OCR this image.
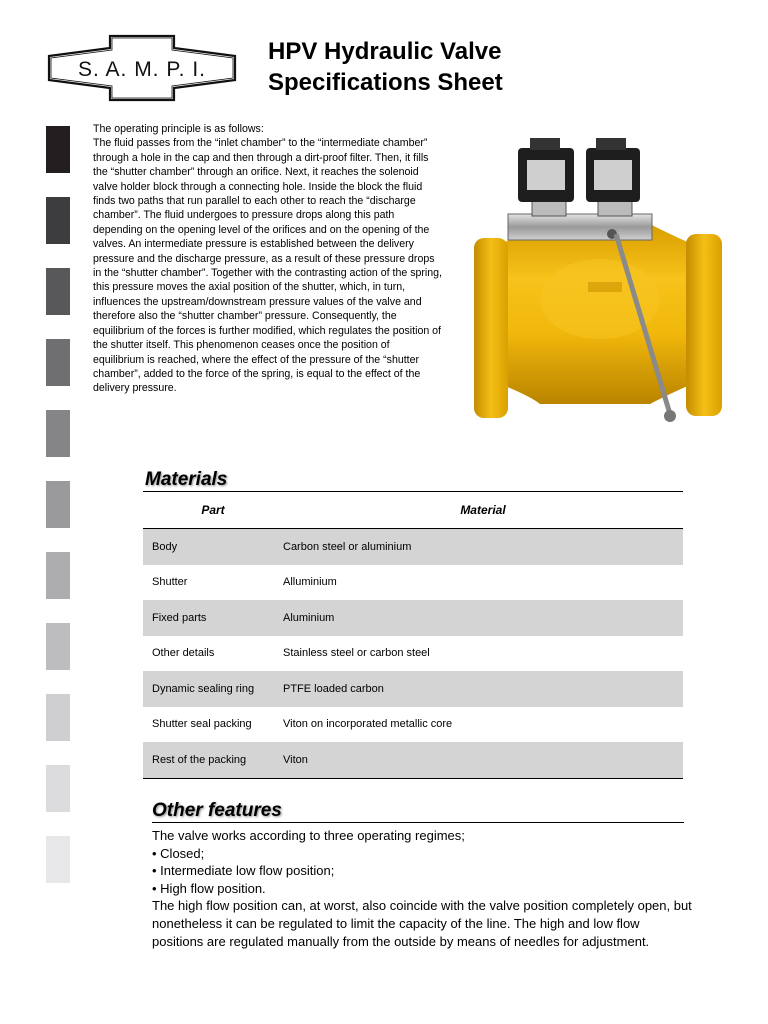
S. A. M. P. I.
HPV Hydraulic Valve
Specifications Sheet

The operating principle is as follows:

The fluid passes from the “inlet chamber” to the “intermediate chamber” through a hole in the cap and then through a dirt-proof filter. Then, it fills the “shutter chamber” through an orifice. Next, it reaches the solenoid valve holder block through a connecting hole. Inside the block the fluid finds two paths that run parallel to each other to reach the “discharge chamber”. The fluid undergoes to pressure drops along this path depending on the opening level of the orifices and on the opening of the valves. An intermediate pressure is established between the delivery pressure and the discharge pressure, as a result of these pressure drops in the “shutter chamber”. Together with the contrasting action of the spring, this pressure moves the axial position of the shutter, which, in turn, influences the upstream/downstream pressure values of the valve and therefore also the “shutter chamber” pressure. Consequently, the equilibrium of the forces is further modified, which regulates the position of the shutter itself. This phenomenon ceases once the position of equilibrium is reached, where the effect of the pressure of the “shutter chamber”, added to the force of the spring, is equal to the effect of the delivery pressure.

Materials
Part	Material
Body	Carbon steel or aluminium
Shutter	Alluminium
Fixed parts	Aluminium
Other details	Stainless steel or carbon steel
Dynamic sealing ring	PTFE loaded carbon
Shutter seal packing	Viton on incorporated metallic core
Rest of the packing	Viton
Other features

The valve works according to three operating regimes;

• Closed;

• Intermediate low flow position;

• High flow position.

The high flow position can, at worst, also coincide with the valve position completely open, but nonetheless it can be regulated to limit the capacity of the line. The high and low flow positions are regulated manually from the outside by means of needles for adjustment.
